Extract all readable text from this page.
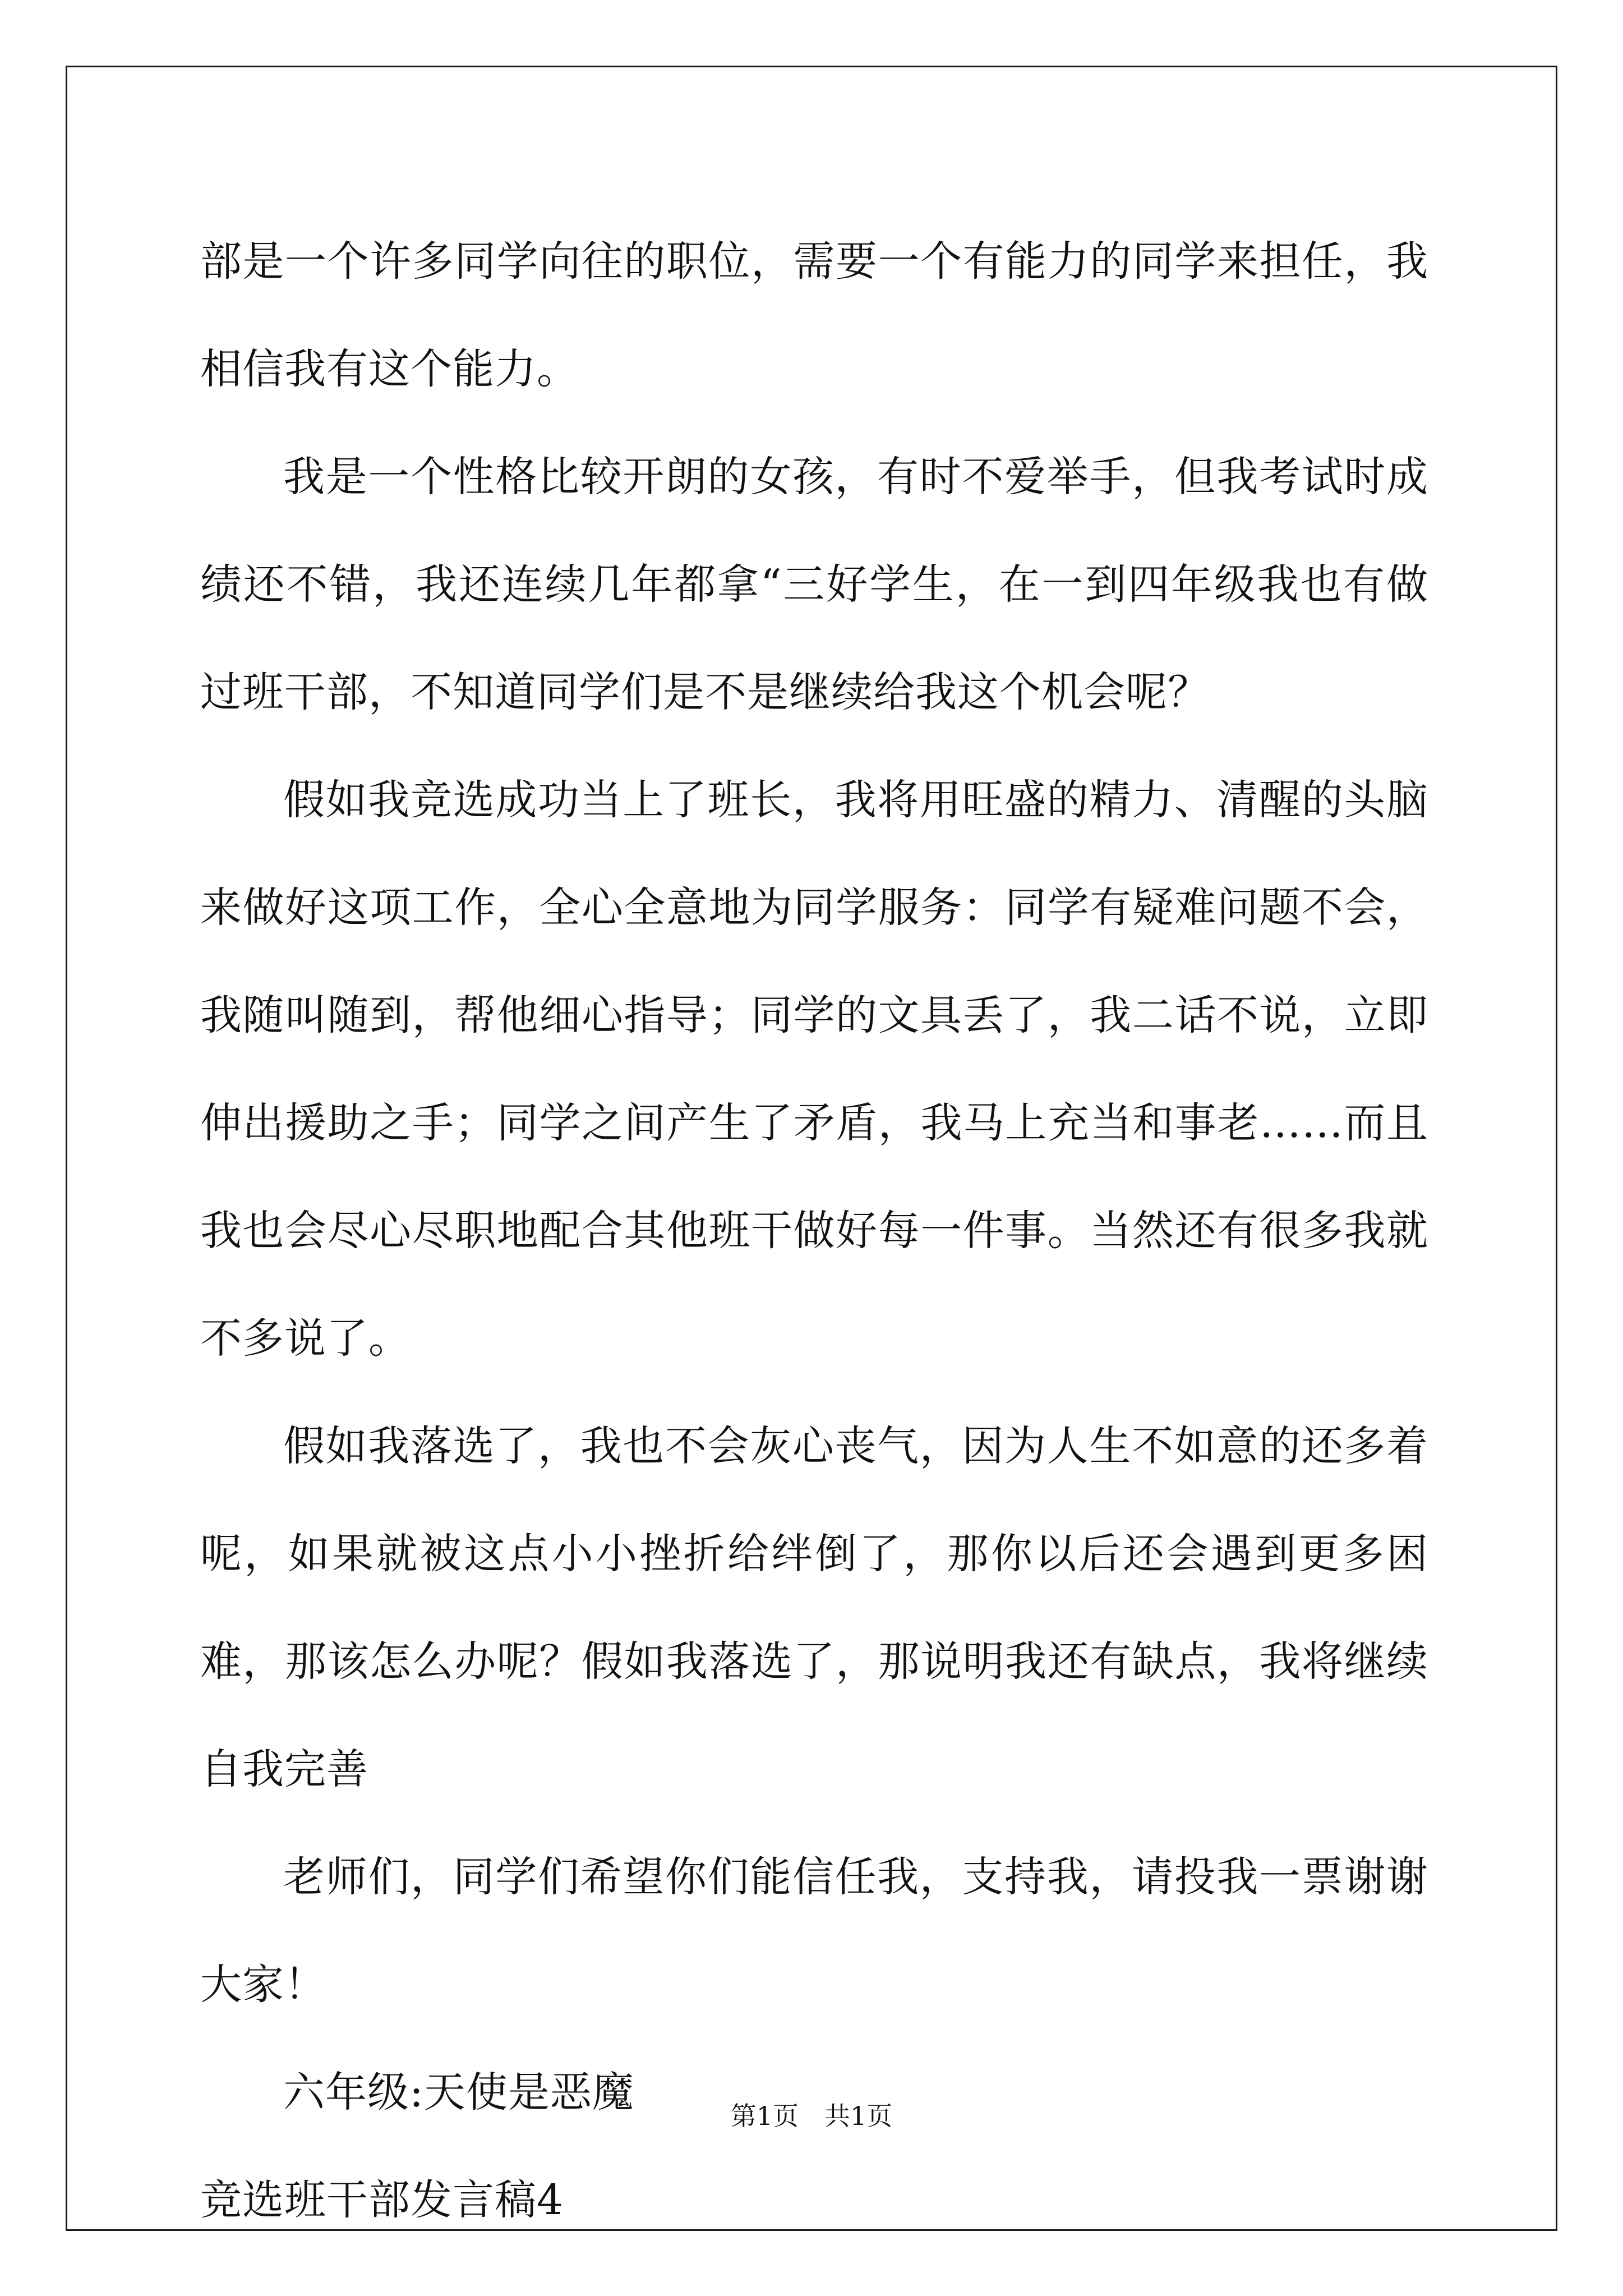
部是一个许多同学向往的职位，需要一个有能力的同学来担任，我相信我有这个能力。

我是一个性格比较开朗的女孩，有时不爱举手，但我考试时成绩还不错，我还连续几年都拿“三好学生，在一到四年级我也有做过班干部，不知道同学们是不是继续给我这个机会呢？

假如我竞选成功当上了班长，我将用旺盛的精力、清醒的头脑来做好这项工作，全心全意地为同学服务：同学有疑难问题不会，我随叫随到，帮他细心指导；同学的文具丢了，我二话不说，立即伸出援助之手；同学之间产生了矛盾，我马上充当和事老……而且我也会尽心尽职地配合其他班干做好每一件事。当然还有很多我就不多说了。

假如我落选了，我也不会灰心丧气，因为人生不如意的还多着呢，如果就被这点小小挫折给绊倒了，那你以后还会遇到更多困难，那该怎么办呢？假如我落选了，那说明我还有缺点，我将继续自我完善

老师们，同学们希望你们能信任我，支持我，请投我一票谢谢大家！

六年级:天使是恶魔

竞选班干部发言稿4

第1页　共1页
